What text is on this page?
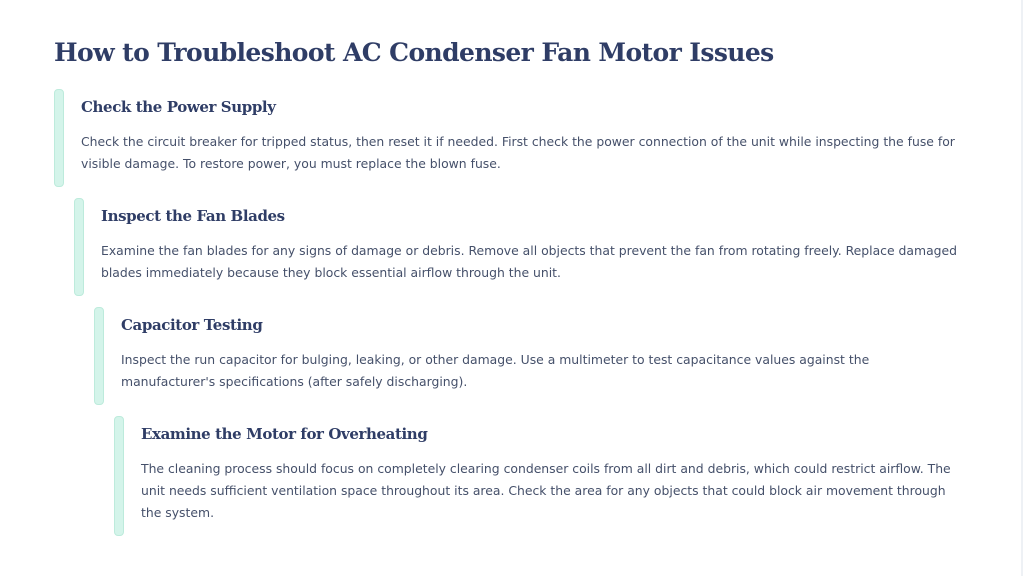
How to Troubleshoot AC Condenser Fan Motor Issues
Check the Power Supply

Check the circuit breaker for tripped status, then reset it if needed. First check the power connection of the unit while inspecting the fuse for visible damage. To restore power, you must replace the blown fuse.

Inspect the Fan Blades

Examine the fan blades for any signs of damage or debris. Remove all objects that prevent the fan from rotating freely. Replace damaged blades immediately because they block essential airflow through the unit.

Capacitor Testing

Inspect the run capacitor for bulging, leaking, or other damage. Use a multimeter to test capacitance values against the manufacturer's specifications (after safely discharging).

Examine the Motor for Overheating

The cleaning process should focus on completely clearing condenser coils from all dirt and debris, which could restrict airflow. The unit needs sufficient ventilation space throughout its area. Check the area for any objects that could block air movement through the system.
